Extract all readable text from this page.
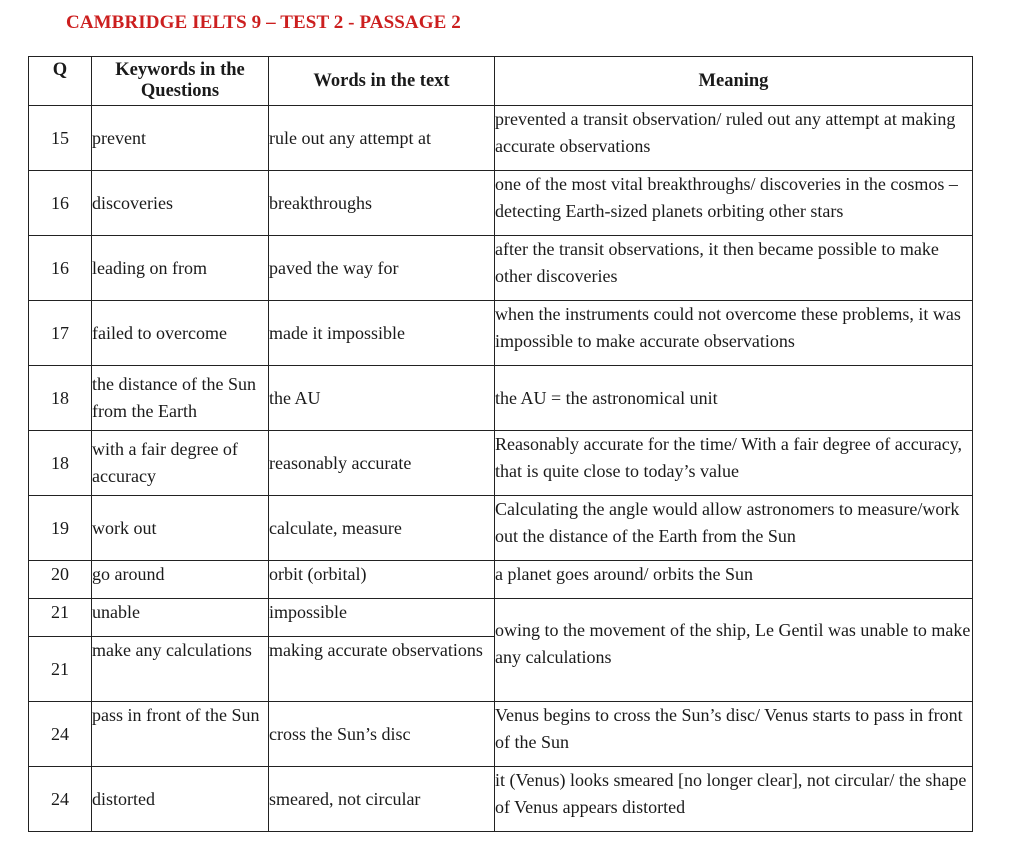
CAMBRIDGE IELTS 9 – TEST 2 - PASSAGE 2
Q	Keywords in the Questions	Words in the text	Meaning
15	prevent	rule out any attempt at	prevented a transit observation/ ruled out any attempt at making accurate observations
16	discoveries	breakthroughs	one of the most vital breakthroughs/ discoveries in the cosmos – detecting Earth-sized planets orbiting other stars
16	leading on from	paved the way for	after the transit observations, it then became possible to make other discoveries
17	failed to overcome	made it impossible	when the instruments could not overcome these problems, it was impossible to make accurate observations
18	the distance of the Sun from the Earth	the AU	the AU = the astronomical unit
18	with a fair degree of accuracy	reasonably accurate	Reasonably accurate for the time/ With a fair degree of accuracy, that is quite close to today’s value
19	work out	calculate, measure	Calculating the angle would allow astronomers to measure/work out the distance of the Earth from the Sun
20	go around	orbit (orbital)	a planet goes around/ orbits the Sun
21	unable	impossible	owing to the movement of the ship, Le Gentil was unable to make any calculations
21	make any calculations	making accurate observations	
24	pass in front of the Sun	cross the Sun’s disc	Venus begins to cross the Sun’s disc/ Venus starts to pass in front of the Sun
24	distorted	smeared, not circular	it (Venus) looks smeared [no longer clear], not circular/ the shape of Venus appears distorted
